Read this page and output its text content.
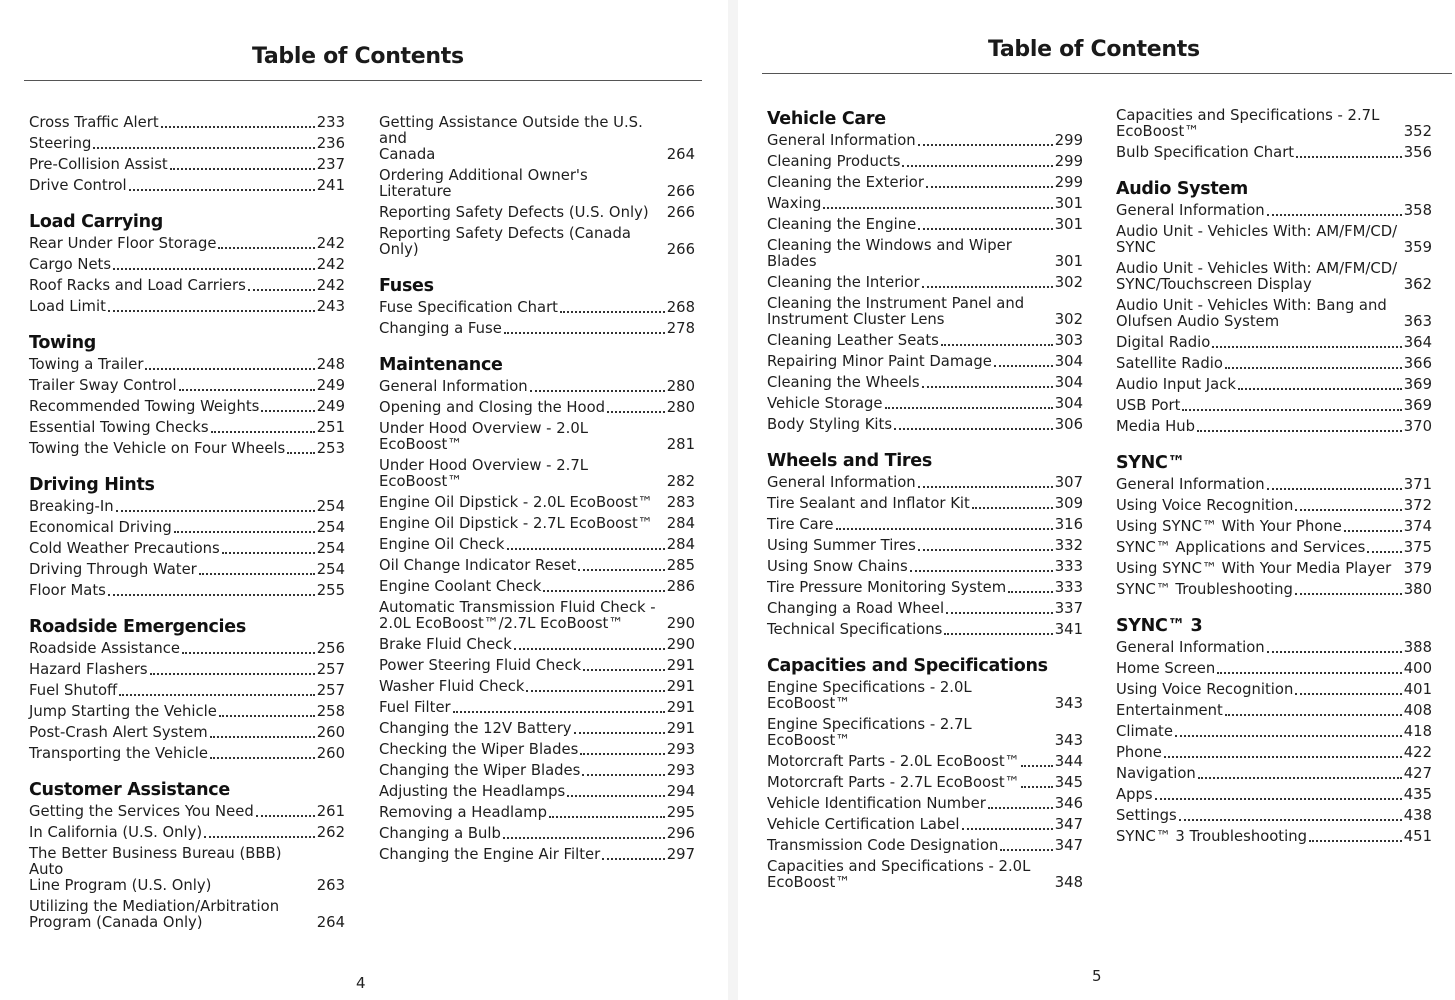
Table of Contents
Cross Traffic Alert	233
Steering	236
Pre-Collision Assist	237
Drive Control	241
Load Carrying
Rear Under Floor Storage	242
Cargo Nets	242
Roof Racks and Load Carriers	242
Load Limit	243
Towing
Towing a Trailer	248
Trailer Sway Control	249
Recommended Towing Weights	249
Essential Towing Checks	251
Towing the Vehicle on Four Wheels 253
Driving Hints
Breaking-In	254
Economical Driving	254
Cold Weather Precautions	254
Driving Through Water	254
Floor Mats	255
Roadside Emergencies
Roadside Assistance	256
Hazard Flashers	257
Fuel Shutoff	257
Jump Starting the Vehicle	258
Post-Crash Alert System	260
Transporting the Vehicle	260
Customer Assistance
Getting the Services You Need	261
In California (U.S. Only)	262
The Better Business Bureau (BBB) Auto
Line Program (U.S. Only)	263
Utilizing the Mediation/Arbitration
Program (Canada Only)	264
Getting Assistance Outside the U.S. and
Canada	264
Ordering Additional Owner's Literature	266
Reporting Safety Defects (U.S. Only)	266
Reporting Safety Defects (Canada Only)	266
Fuses
Fuse Specification Chart	268
Changing a Fuse	278
Maintenance
General Information	280
Opening and Closing the Hood	280
Under Hood Overview - 2.0L EcoBoost™	281
Under Hood Overview - 2.7L EcoBoost™	282
Engine Oil Dipstick - 2.0L EcoBoost™ 283
Engine Oil Dipstick - 2.7L EcoBoost™ 284
Engine Oil Check	284
Oil Change Indicator Reset	285
Engine Coolant Check	286
Automatic Transmission Fluid Check -
2.0L EcoBoost™/2.7L EcoBoost™	290
Brake Fluid Check	290
Power Steering Fluid Check	291
Washer Fluid Check	291
Fuel Filter	291
Changing the 12V Battery	291
Checking the Wiper Blades	293
Changing the Wiper Blades	293
Adjusting the Headlamps	294
Removing a Headlamp	295
Changing a Bulb	296
Changing the Engine Air Filter	297
4
Table of Contents
Vehicle Care
General Information	299
Cleaning Products	299
Cleaning the Exterior	299
Waxing	301
Cleaning the Engine	301
Cleaning the Windows and Wiper Blades	301
Cleaning the Interior	302
Cleaning the Instrument Panel and
Instrument Cluster Lens	302
Cleaning Leather Seats	303
Repairing Minor Paint Damage	304
Cleaning the Wheels	304
Vehicle Storage	304
Body Styling Kits	306
Wheels and Tires
General Information	307
Tire Sealant and Inflator Kit	309
Tire Care	316
Using Summer Tires	332
Using Snow Chains	333
Tire Pressure Monitoring System	333
Changing a Road Wheel	337
Technical Specifications	341
Capacities and Specifications
Engine Specifications - 2.0L EcoBoost™	343
Engine Specifications - 2.7L EcoBoost™	343
Motorcraft Parts - 2.0L EcoBoost™ 344
Motorcraft Parts - 2.7L EcoBoost™ 345
Vehicle Identification Number	346
Vehicle Certification Label	347
Transmission Code Designation	347
Capacities and Specifications - 2.0L
EcoBoost™	348
Capacities and Specifications - 2.7L
EcoBoost™	352
Bulb Specification Chart	356
Audio System
General Information	358
Audio Unit - Vehicles With: AM/FM/CD/
SYNC	359
Audio Unit - Vehicles With: AM/FM/CD/
SYNC/Touchscreen Display	362
Audio Unit - Vehicles With: Bang and
Olufsen Audio System	363
Digital Radio	364
Satellite Radio	366
Audio Input Jack	369
USB Port	369
Media Hub	370
SYNC™
General Information	371
Using Voice Recognition	372
Using SYNC™ With Your Phone	374
SYNC™ Applications and Services	375
Using SYNC™ With Your Media Player 379
SYNC™ Troubleshooting	380
SYNC™ 3
General Information	388
Home Screen	400
Using Voice Recognition	401
Entertainment	408
Climate	418
Phone	422
Navigation	427
Apps	435
Settings	438
SYNC™ 3 Troubleshooting	451
5
